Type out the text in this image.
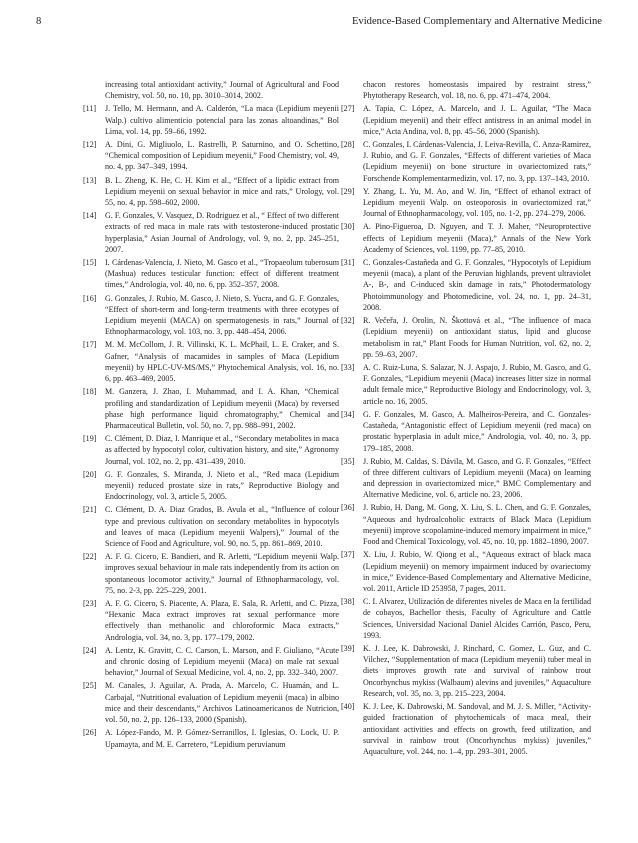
8	Evidence-Based Complementary and Alternative Medicine
increasing total antioxidant activity,” Journal of Agricultural and Food Chemistry, vol. 50, no. 10, pp. 3010–3014, 2002.
[11]	J. Tello, M. Hermann, and A. Calderón, “La maca (Lepidium meyenii Walp.) cultivo alimenticio potencial para las zonas altoandinas,” Bol Lima, vol. 14, pp. 59–66, 1992.
[12]	A. Dini, G. Migliuolo, L. Rastrelli, P. Saturnino, and O. Schettino, “Chemical composition of Lepidium meyenii,” Food Chemistry, vol. 49, no. 4, pp. 347–349, 1994.
[13]	B. L. Zheng, K. He, C. H. Kim et al., “Effect of a lipidic extract from Lepidium meyenii on sexual behavior in mice and rats,” Urology, vol. 55, no. 4, pp. 598–602, 2000.
[14]	G. F. Gonzales, V. Vasquez, D. Rodriguez et al., “ Effect of two different extracts of red maca in male rats with testosterone-induced prostatic hyperplasia,” Asian Journal of Andrology, vol. 9, no. 2, pp. 245–251, 2007.
[15]	I. Cárdenas-Valencia, J. Nieto, M. Gasco et al., “Tropaeolum tuberosum (Mashua) reduces testicular function: effect of different treatment times,” Andrologia, vol. 40, no. 6, pp. 352–357, 2008.
[16]	G. Gonzales, J. Rubio, M. Gasco, J. Nieto, S. Yucra, and G. F. Gonzales, “Effect of short-term and long-term treatments with three ecotypes of Lepidium meyenii (MACA) on spermatogenesis in rats,” Journal of Ethnopharmacology, vol. 103, no. 3, pp. 448–454, 2006.
[17]	M. M. McCollom, J. R. Villinski, K. L. McPhail, L. E. Craker, and S. Gafner, “Analysis of macamides in samples of Maca (Lepidium meyenii) by HPLC-UV-MS/MS,” Phytochemical Analysis, vol. 16, no. 6, pp. 463–469, 2005.
[18]	M. Ganzera, J. Zhao, I. Muhammad, and I. A. Khan, “Chemical profiling and standardization of Lepidium meyenii (Maca) by reversed phase high performance liquid chromatography,” Chemical and Pharmaceutical Bulletin, vol. 50, no. 7, pp. 988–991, 2002.
[19]	C. Clément, D. Diaz, I. Manrique et al., “Secondary metabolites in maca as affected by hypocotyl color, cultivation history, and site,” Agronomy Journal, vol. 102, no. 2, pp. 431–439, 2010.
[20]	G. F. Gonzales, S. Miranda, J. Nieto et al., “Red maca (Lepidium meyenii) reduced prostate size in rats,” Reproductive Biology and Endocrinology, vol. 3, article 5, 2005.
[21]	C. Clément, D. A. Diaz Grados, B. Avula et al., “Influence of colour type and previous cultivation on secondary metabolites in hypocotyls and leaves of maca (Lepidium meyenii Walpers),” Journal of the Science of Food and Agriculture, vol. 90, no. 5, pp. 861–869, 2010.
[22]	A. F. G. Cicero, E. Bandieri, and R. Arletti, “Lepidium meyenii Walp. improves sexual behaviour in male rats independently from its action on spontaneous locomotor activity,” Journal of Ethnopharmacology, vol. 75, no. 2-3, pp. 225–229, 2001.
[23]	A. F. G. Cicero, S. Piacente, A. Plaza, E. Sala, R. Arletti, and C. Pizza, “Hexanic Maca extract improves rat sexual performance more effectively than methanolic and chloroformic Maca extracts,” Andrologia, vol. 34, no. 3, pp. 177–179, 2002.
[24]	A. Lentz, K. Gravitt, C. C. Carson, L. Marson, and F. Giuliano, “Acute and chronic dosing of Lepidium meyenii (Maca) on male rat sexual behavior,” Journal of Sexual Medicine, vol. 4, no. 2, pp. 332–340, 2007.
[25]	M. Canales, J. Aguilar, A. Prada, A. Marcelo, C. Huamán, and L. Carbajal, “Nutritional evaluation of Lepidium meyenii (maca) in albino mice and their descendants,” Archivos Latinoamericanos de Nutricion, vol. 50, no. 2, pp. 126–133, 2000 (Spanish).
[26]	A. López-Fando, M. P. Gómez-Serranillos, I. Iglesias, O. Lock, U. P. Upamayta, and M. E. Carretero, “Lepidium peruvianum
chacon restores homeostasis impaired by restraint stress,” Phytotherapy Research, vol. 18, no. 6, pp. 471–474, 2004.
[27]	A. Tapia, C. López, A. Marcelo, and J. L. Aguilar, “The Maca (Lepidium meyenii) and their effect antistress in an animal model in mice,” Acta Andina, vol. 8, pp. 45–56, 2000 (Spanish).
[28]	C. Gonzales, I. Cárdenas-Valencia, J. Leiva-Revilla, C. Anza-Ramirez, J. Rubio, and G. F. Gonzales, “Effects of different varieties of Maca (Lepidium meyenii) on bone structure in ovariectomized rats,” Forschende Komplementarmedizin, vol. 17, no. 3, pp. 137–143, 2010.
[29]	Y. Zhang, L. Yu, M. Ao, and W. Jin, “Effect of ethanol extract of Lepidium meyenii Walp. on osteoporosis in ovariectomized rat,” Journal of Ethnopharmacology, vol. 105, no. 1-2, pp. 274–279, 2006.
[30]	A. Pino-Figueroa, D. Nguyen, and T. J. Maher, “Neuroprotective effects of Lepidium meyenii (Maca),” Annals of the New York Academy of Sciences, vol. 1199, pp. 77–85, 2010.
[31]	C. Gonzales-Castañeda and G. F. Gonzales, “Hypocotyls of Lepidium meyenii (maca), a plant of the Peruvian highlands, prevent ultraviolet A-, B-, and C-induced skin damage in rats,” Photodermatology Photoimmunology and Photomedicine, vol. 24, no. 1, pp. 24–31, 2008.
[32]	R. Večeřa, J. Orolin, N. Škottová et al., “The influence of maca (Lepidium meyenii) on antioxidant status, lipid and glucose metabolism in rat,” Plant Foods for Human Nutrition, vol. 62, no. 2, pp. 59–63, 2007.
[33]	A. C. Ruiz-Luna, S. Salazar, N. J. Aspajo, J. Rubio, M. Gasco, and G. F. Gonzales, “Lepidium meyenii (Maca) increases litter size in normal adult female mice,” Reproductive Biology and Endocrinology, vol. 3, article no. 16, 2005.
[34]	G. F. Gonzales, M. Gasco, A. Malheiros-Pereira, and C. Gonzales-Castañeda, “Antagonistic effect of Lepidium meyenii (red maca) on prostatic hyperplasia in adult mice,” Andrologia, vol. 40, no. 3, pp. 179–185, 2008.
[35]	J. Rubio, M. Caldas, S. Dávila, M. Gasco, and G. F. Gonzales, “Effect of three different cultivars of Lepidium meyenii (Maca) on learning and depression in ovariectomized mice,” BMC Complementary and Alternative Medicine, vol. 6, article no. 23, 2006.
[36]	J. Rubio, H. Dang, M. Gong, X. Liu, S. L. Chen, and G. F. Gonzales, “Aqueous and hydroalcoholic extracts of Black Maca (Lepidium meyenii) improve scopolamine-induced memory impairment in mice,” Food and Chemical Toxicology, vol. 45, no. 10, pp. 1882–1890, 2007.
[37]	X. Liu, J. Rubio, W. Qiong et al., “Aqueous extract of black maca (Lepidium meyenii) on memory impairment induced by ovariectomy in mice,” Evidence-Based Complementary and Alternative Medicine, vol. 2011, Article ID 253958, 7 pages, 2011.
[38]	C. I. Alvarez, Utilización de diferentes niveles de Maca en la fertilidad de cobayos, Bachellor thesis, Faculty of Agriculture and Cattle Sciences, Universidad Nacional Daniel Alcides Carrión, Pasco, Peru, 1993.
[39]	K. J. Lee, K. Dabrowski, J. Rinchard, C. Gomez, L. Guz, and C. Vilchez, “Supplementation of maca (Lepidium meyenii) tuber meal in diets improves growth rate and survival of rainbow trout Oncorhynchus mykiss (Walbaum) alevins and juveniles,” Aquaculture Research, vol. 35, no. 3, pp. 215–223, 2004.
[40]	K. J. Lee, K. Dabrowski, M. Sandoval, and M. J. S. Miller, “Activity-guided fractionation of phytochemicals of maca meal, their antioxidant activities and effects on growth, feed utilization, and survival in rainbow trout (Oncorhynchus mykiss) juveniles,” Aquaculture, vol. 244, no. 1–4, pp. 293–301, 2005.
